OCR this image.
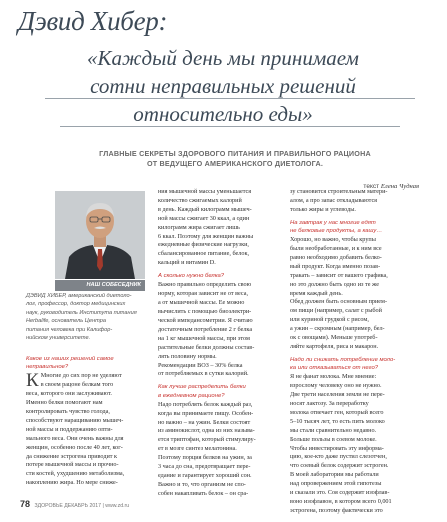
Дэвид Хибер:
«Каждый день мы принимаем
сотни неправильных решений
относительно еды»
ГЛАВНЫЕ СЕКРЕТЫ ЗДОРОВОГО ПИТАНИЯ И ПРАВИЛЬНОГО РАЦИОНА
ОТ ВЕДУЩЕГО АМЕРИКАНСКОГО ДИЕТОЛОГА.
текст Елена Чудная
НАШ СОБЕСЕДНИК
ДЭВИД ХИБЕР, американский диетоло-
лог, профессор, доктор медицинских
наук, руководитель Института питания
Herbalife, основатель Центра
питания человека при Калифор-
нийском университете.
Какое из наших решений самое
неправильное?
К Многие до сих пор не уделяют
в своем рацоне белкам того
веса, которого они заслуживают.
Именно белки помогают нам
контролировать чувство голода,
способствуют наращиванию мышеч-
ной массы и поддержанию опти-
мального веса. Они очень важны для
женщин, особенно после 40 лет, ког-
да снижение эстрогена приводит к
потере мышечной массы и прочно-
сти костей, ухудшению метаболизма,
накоплению жира. Но мере сниже-
ния мышечной массы уменьшается
количество сжигаемых калорий
в день. Каждый килограмм мышеч-
ной массы сжигает 30 ккал, а один
килограмм жира сжигает лишь
6 ккал. Поэтому для женщин важны
ежедневные физические нагрузки,
сбалансированное питание, белок,
кальций и витамин D.
А сколько нужно белка?
Важно правильно определить свою
норму, которая зависит не от веса,
а от мышечной массы. Ее можно
вычислить с помощью биоэлектри-
ческой импедансометрии. Я считаю
достаточным потребление 2 г белка
на 1 кг мышечной массы, при этом
растительные белки должны состав-
лять половину нормы.
Рекомендации ВОЗ – 30% белка
от потребляемых в сутки калорий.
Как лучше распределить белки
в ежедневном рационе?
Надо потреблять белок каждый раз,
когда вы принимаете пищу. Особен-
но важно – на ужин. Белки состоят
из аминокислот, одна из них называ-
ется триптофан, который стимулиру-
ет в мозге синтез мелатонина.
Поэтому порция белков на ужин, за
3 часа до сна, предотвращает пере-
едание и гарантирует хороший сон.
Важно и то, что организм не спо-
собен накапливать белок – он сра-
зу становится строительным матери-
алом, а про запас откладываются
только жиры и углеводы.
На завтрак у нас многие едят
не белковые продукты, а кашу…
Хорошо, но важно, чтобы крупы
были необработанные, и к ним все
равно необходимо добавить белко-
вый продукт. Когда именно позав-
тракать – зависит от вашего графика,
но это должно быть одно из те же
время каждый день.
Обед должен быть основным прием-
ом пищи (например, салат с рыбой
или куриной грудкой с рисом,
а ужин – скромным (например, бел-
ок с овощами). Меньше употреб-
ляйте картофеля, риса и макарон.
Надо ли снижать потребление моло-
ка или отказываться от него?
Я не фанат молока. Мне мнение:
взрослому человеку оно не нужно.
Две трети населения земли не пере-
носят лактозу. За переработку
молока отвечает ген, который всего
5–10 тысяч лет, то есть пить молоко
мы стали сравнительно недавно.
Больше пользы в соевом молоке.
Чтобы инвестировать эту информа-
цию, кое-кто даже пустил слезотчен,
что соевый белок содержит эстроген.
В моей лаборатории мы работали
над опровержением этой гипотезы
и сказали это. Соя содержит изофлав-
воно изофлавон, в котором всего 0,001
эстрогена, поэтому фактически это
78 ЗДОРОВЬЕ ДЕКАБРЬ 2017 | www.zd.ru
